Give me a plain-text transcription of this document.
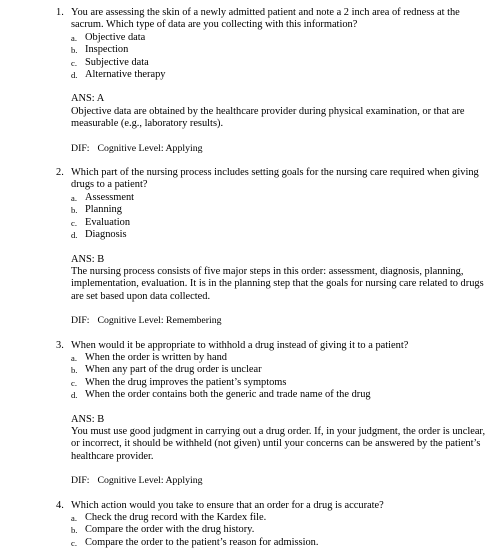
1. You are assessing the skin of a newly admitted patient and note a 2 inch area of redness at the sacrum. Which type of data are you collecting with this information?

a. Objective data
b. Inspection
c. Subjective data
d. Alternative therapy
ANS: A

Objective data are obtained by the healthcare provider during physical examination, or that are measurable (e.g., laboratory results).

DIF: Cognitive Level: Applying
2. Which part of the nursing process includes setting goals for the nursing care required when giving drugs to a patient?

a. Assessment
b. Planning
c. Evaluation
d. Diagnosis
ANS: B

The nursing process consists of five major steps in this order: assessment, diagnosis, planning, implementation, evaluation. It is in the planning step that the goals for nursing care related to drugs are set based upon data collected.

DIF: Cognitive Level: Remembering
3. When would it be appropriate to withhold a drug instead of giving it to a patient?

a. When the order is written by hand
b. When any part of the drug order is unclear
c. When the drug improves the patient’s symptoms
d. When the order contains both the generic and trade name of the drug
ANS: B

You must use good judgment in carrying out a drug order. If, in your judgment, the order is unclear, or incorrect, it should be withheld (not given) until your concerns can be answered by the patient’s healthcare provider.

DIF: Cognitive Level: Applying
4. Which action would you take to ensure that an order for a drug is accurate?

a. Check the drug record with the Kardex file.
b. Compare the order with the drug history.
c. Compare the order to the patient’s reason for admission.
